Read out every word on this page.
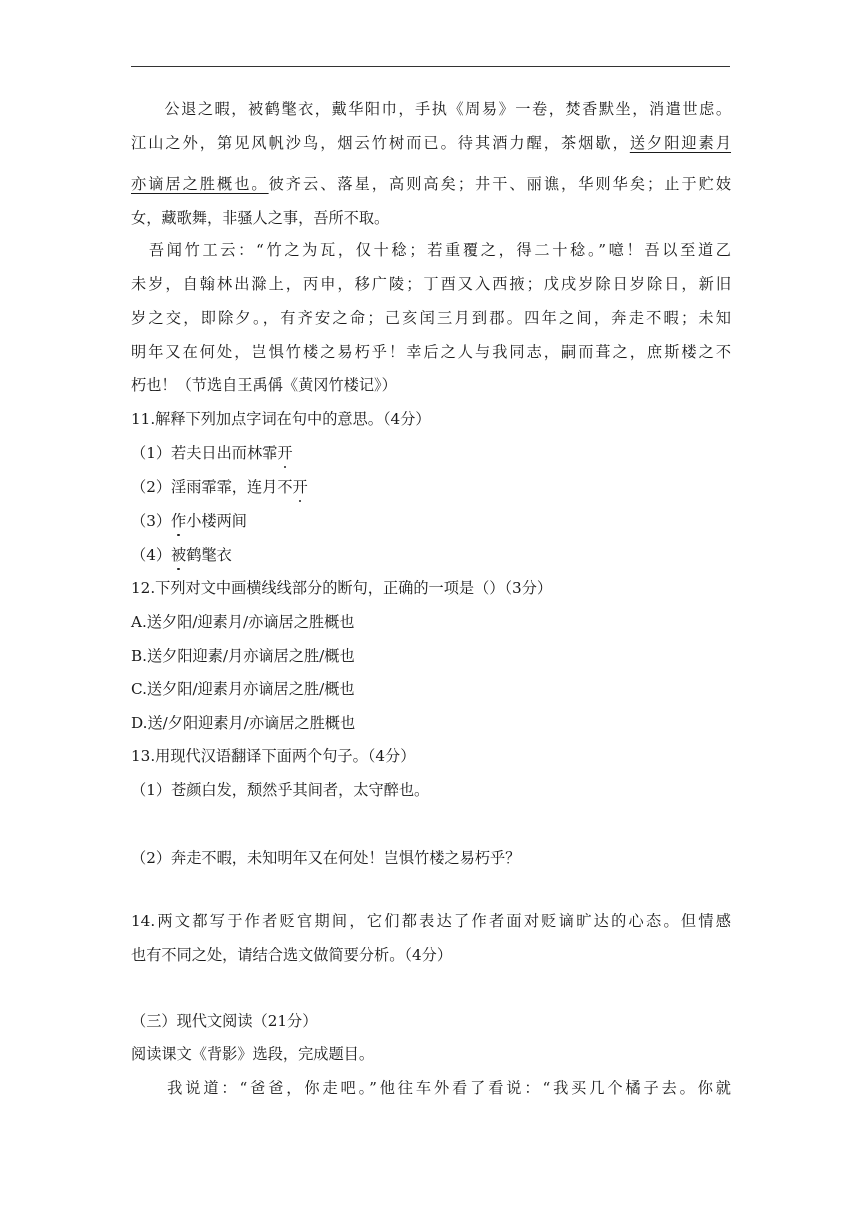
　　公退之暇，被鹤氅衣，戴华阳巾，手执《周易》一卷，焚香默坐，消遣世虑。
江山之外，第见风帆沙鸟，烟云竹树而已。待其酒力醒，茶烟歇，送夕阳迎素月
亦谪居之胜概也。彼齐云、落星，高则高矣；井干、丽谯，华则华矣；止于贮妓
女，藏歌舞，非骚人之事，吾所不取。
　吾闻竹工云：“竹之为瓦，仅十稔；若重覆之，得二十稔。”噫！吾以至道乙
未岁，自翰林出滁上，丙申，移广陵；丁酉又入西掖；戊戌岁除日岁除日，新旧
岁之交，即除夕。，有齐安之命；己亥闰三月到郡。四年之间，奔走不暇；未知
明年又在何处，岂惧竹楼之易朽乎！幸后之人与我同志，嗣而葺之，庶斯楼之不
朽也！（节选自王禹偁《黄冈竹楼记》）
11.解释下列加点字词在句中的意思。（4分）
（1）若夫日出而林霏开
（2）淫雨霏霏，连月不开
（3）作小楼两间
（4）被鹤氅衣
12.下列对文中画横线线部分的断句，正确的一项是（）（3分）
A.送夕阳/迎素月/亦谪居之胜概也
B.送夕阳迎素/月亦谪居之胜/概也
C.送夕阳/迎素月亦谪居之胜/概也
D.送/夕阳迎素月/亦谪居之胜概也
13.用现代汉语翻译下面两个句子。（4分）
（1）苍颜白发，颓然乎其间者，太守醉也。
（2）奔走不暇，未知明年又在何处！岂惧竹楼之易朽乎？
14.两文都写于作者贬官期间，它们都表达了作者面对贬谪旷达的心态。但情感
也有不同之处，请结合选文做简要分析。（4分）
（三）现代文阅读（21分）
阅读课文《背影》选段，完成题目。
　　我说道：“爸爸，你走吧。”他往车外看了看说：“我买几个橘子去。你就
